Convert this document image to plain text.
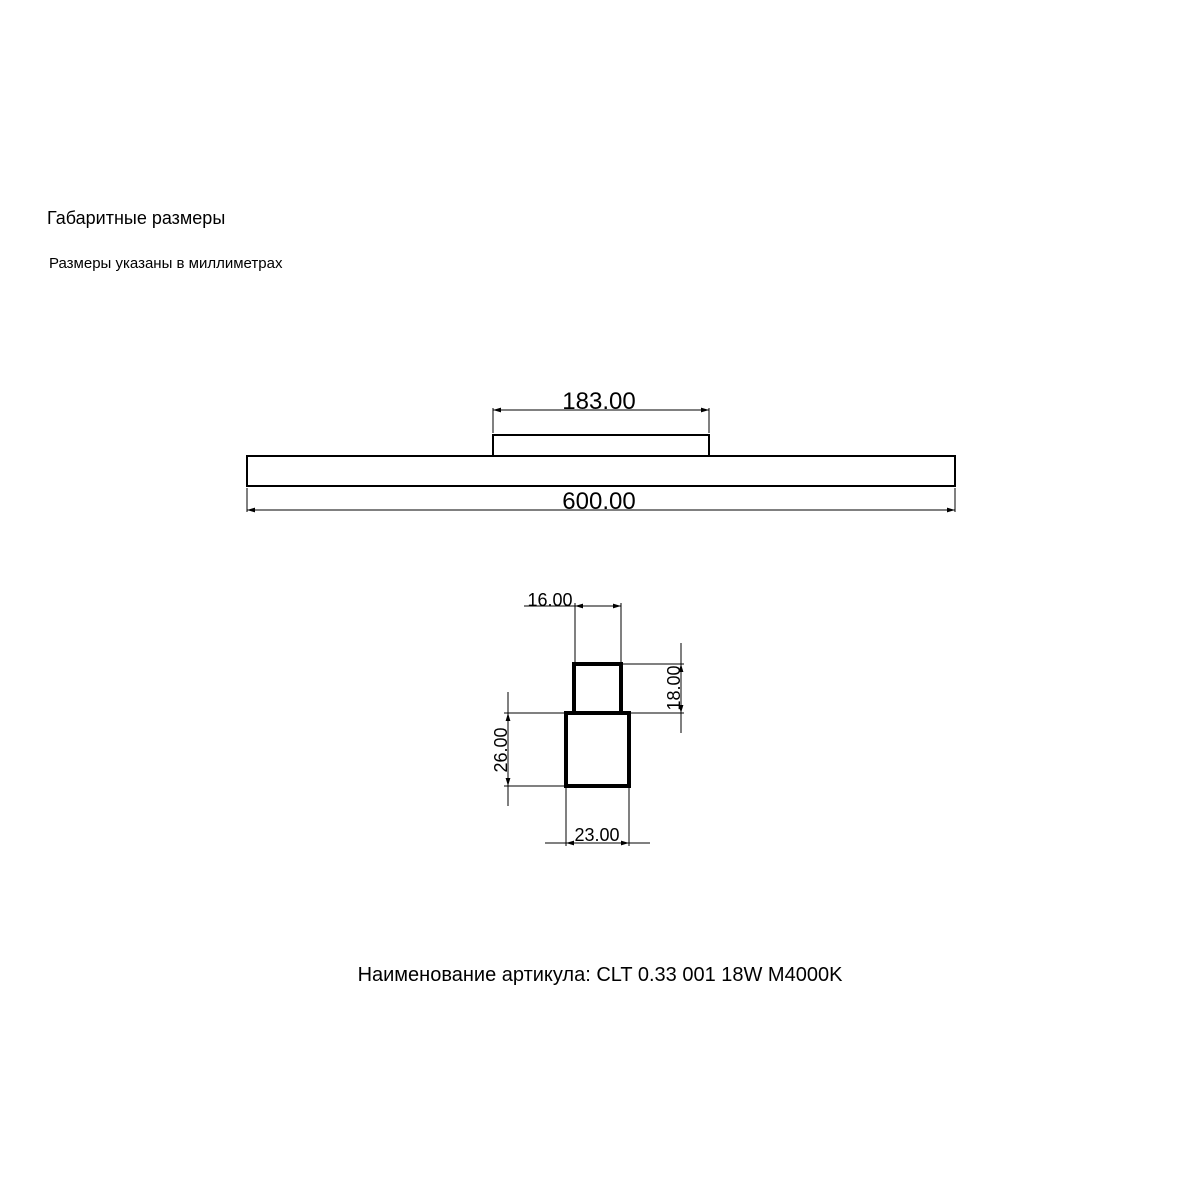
Габаритные размеры
Размеры указаны в миллиметрах
183.00
600.00
16.00
18.00
26.00
23.00
Наименование артикула: CLT 0.33 001 18W M4000K
